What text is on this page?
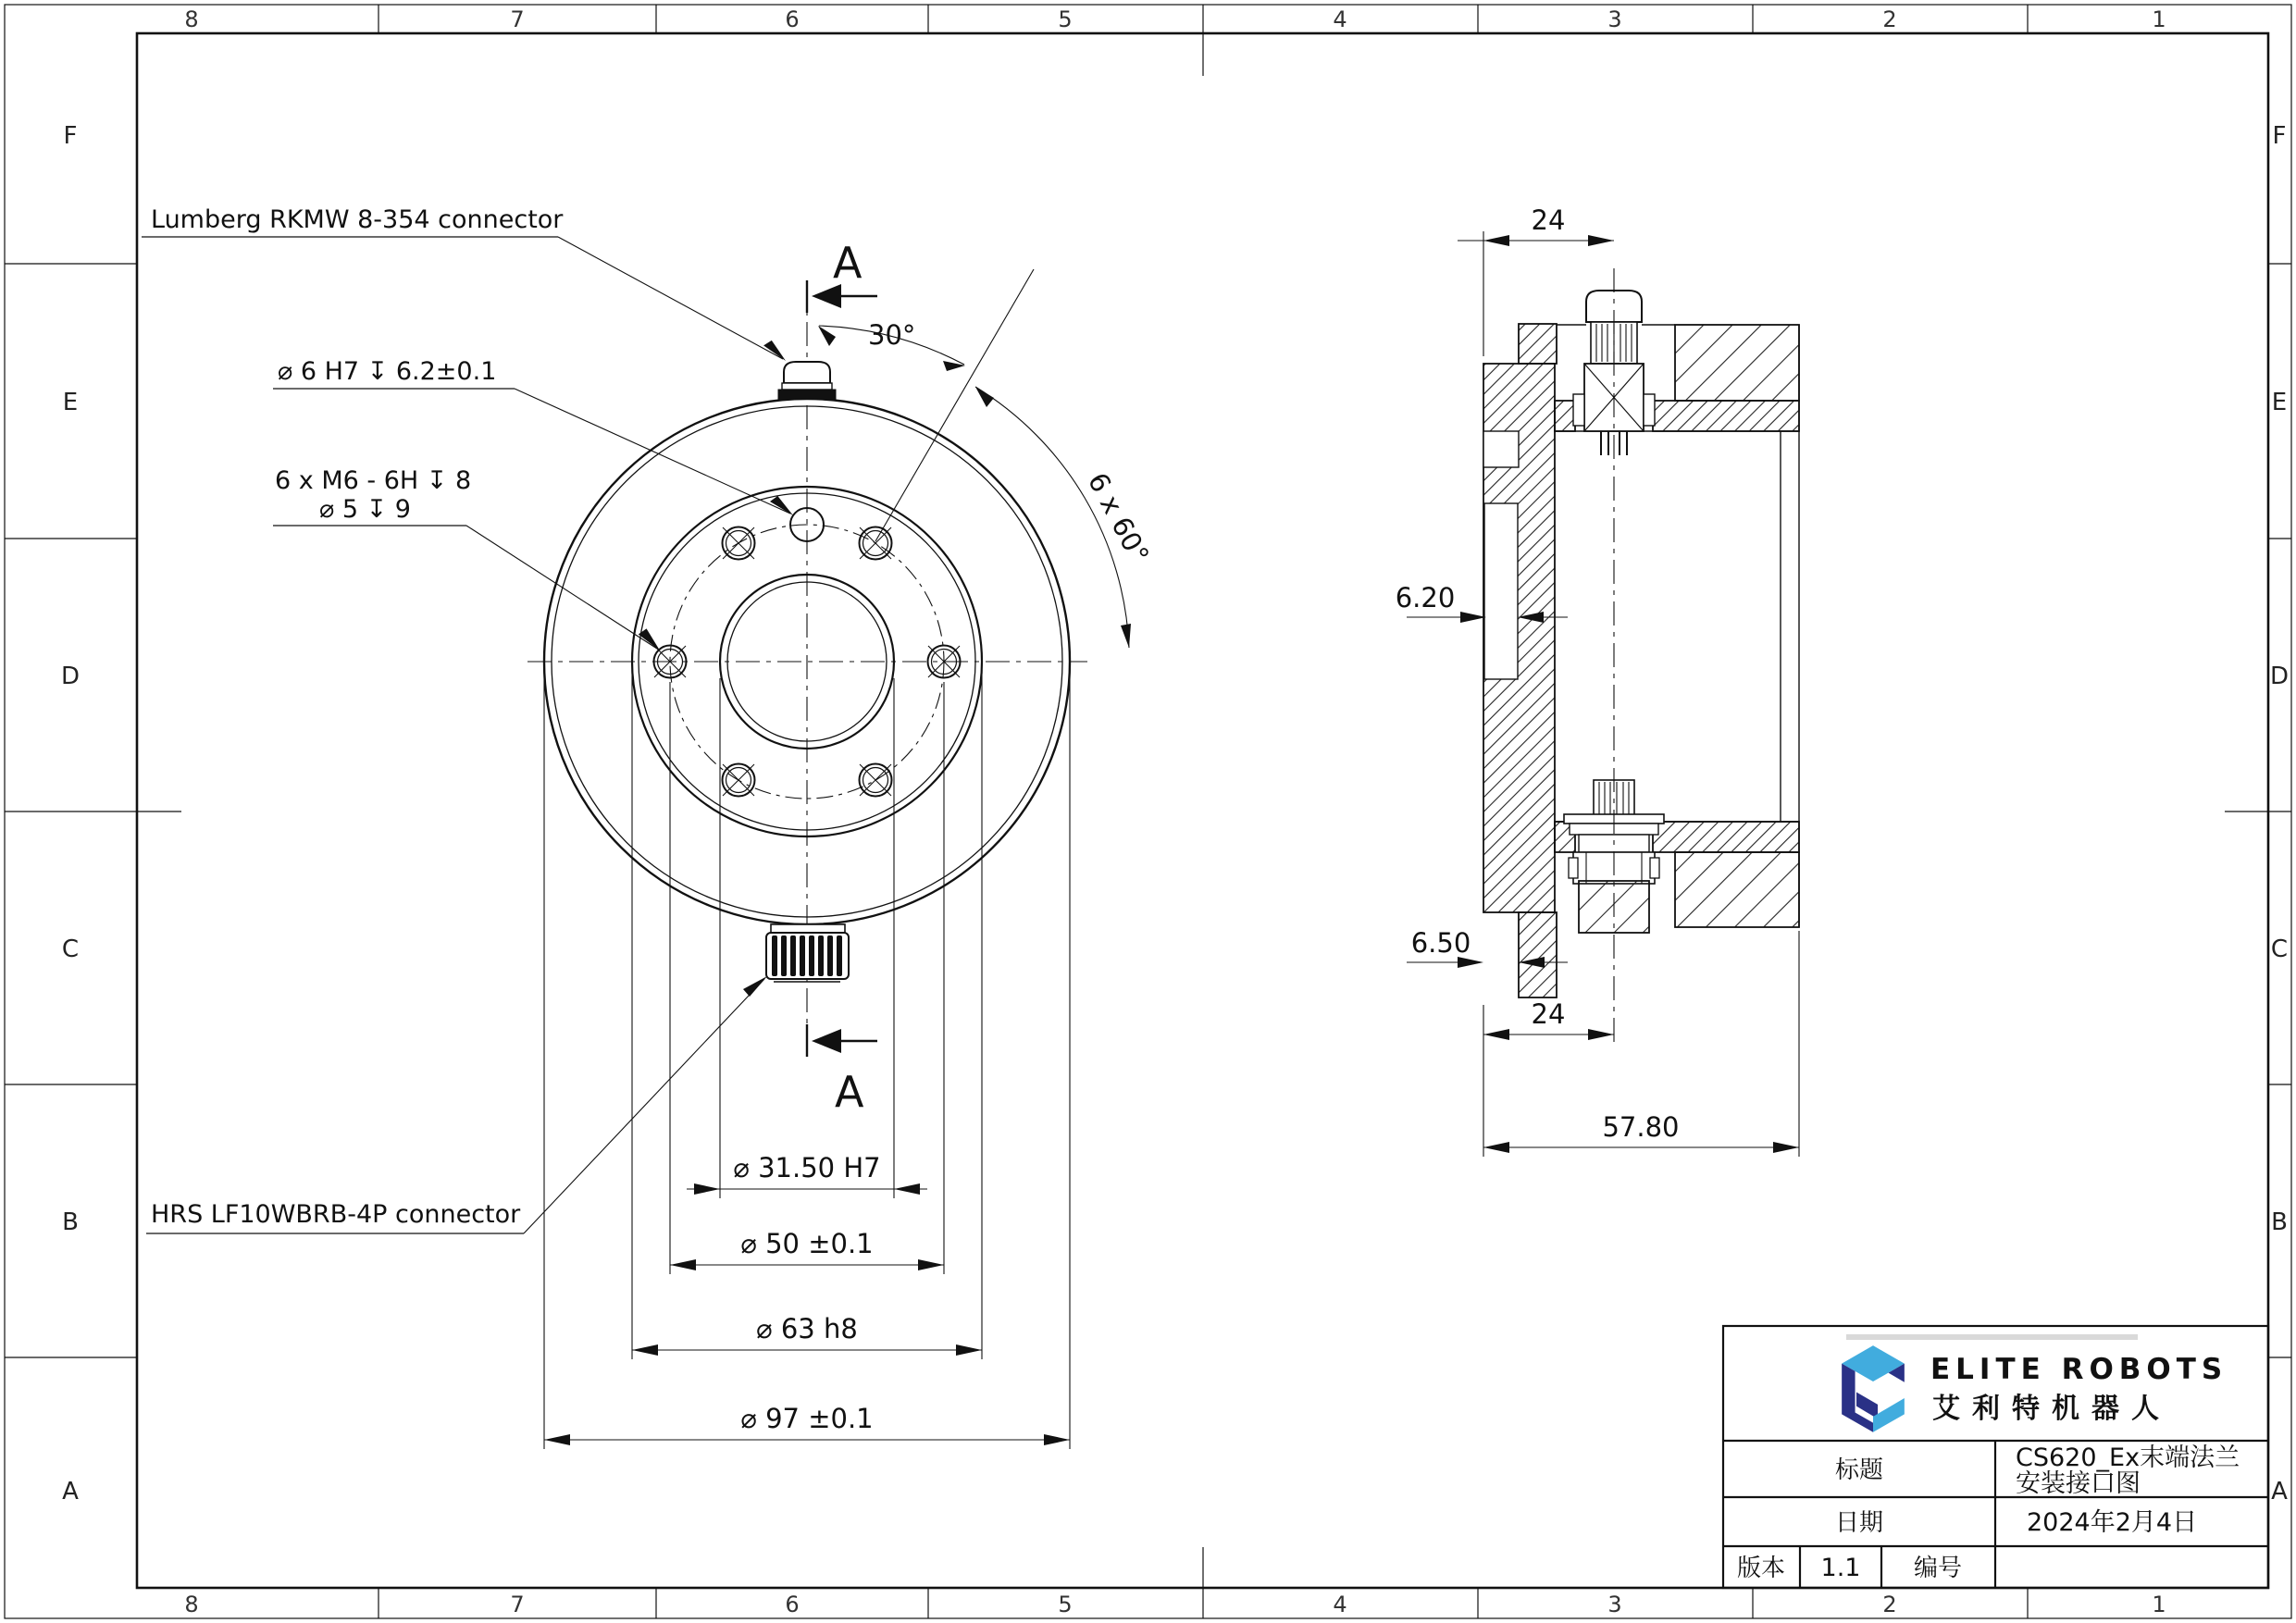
8	7	6	5	4	3	2	1
8	7	6	5	4	3	2	1
F
E
D
C
B
A
F
E
D
C
B
A
A
A
30°
6 x 60°
Lumberg RKMW 8-354 connector
⌀ 6 H7 ↧ 6.2±0.1
6 x M6 - 6H ↧ 8
⌀ 5 ↧ 9
HRS LF10WBRB-4P connector
⌀ 31.50 H7
⌀ 50 ±0.1
⌀ 63 h8
⌀ 97 ±0.1
24
6.20
6.50
24
57.80
ELITE ROBOTS
艾利特机器人
标题	CS620_Ex末端法兰
安装接口图
日期	2024年2月4日
版本 1.1 编号
